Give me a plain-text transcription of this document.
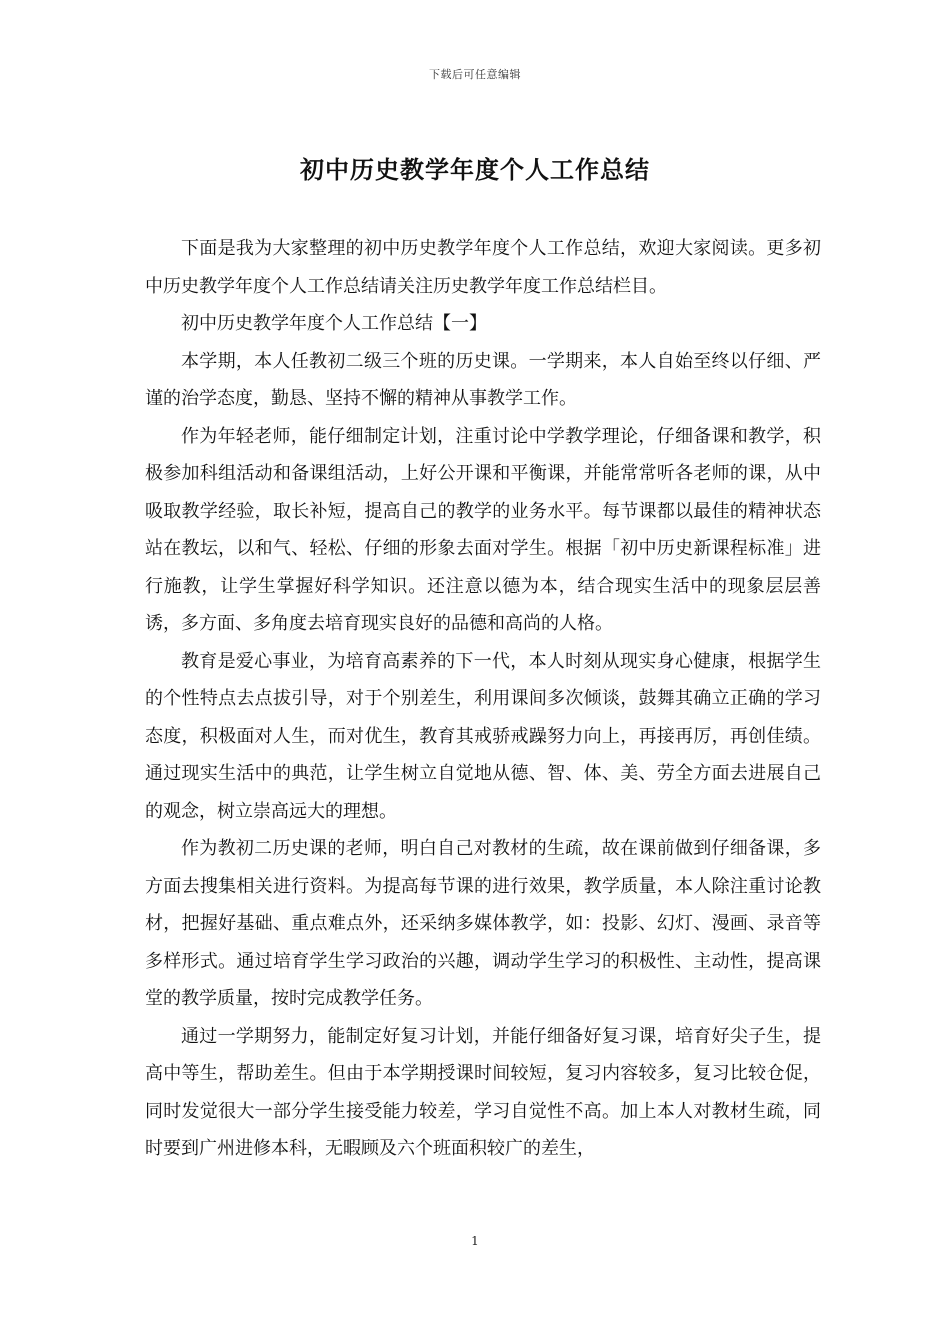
下载后可任意编辑
初中历史教学年度个人工作总结

下面是我为大家整理的初中历史教学年度个人工作总结，欢迎大家阅读。更多初中历史教学年度个人工作总结请关注历史教学年度工作总结栏目。

初中历史教学年度个人工作总结【一】

本学期，本人任教初二级三个班的历史课。一学期来，本人自始至终以仔细、严谨的治学态度，勤恳、坚持不懈的精神从事教学工作。

作为年轻老师，能仔细制定计划，注重讨论中学教学理论，仔细备课和教学，积极参加科组活动和备课组活动，上好公开课和平衡课，并能常常听各老师的课，从中吸取教学经验，取长补短，提高自己的教学的业务水平。每节课都以最佳的精神状态站在教坛，以和气、轻松、仔细的形象去面对学生。根据「初中历史新课程标准」进行施教，让学生掌握好科学知识。还注意以德为本，结合现实生活中的现象层层善诱，多方面、多角度去培育现实良好的品德和高尚的人格。

教育是爱心事业，为培育高素养的下一代，本人时刻从现实身心健康，根据学生的个性特点去点拔引导，对于个别差生，利用课间多次倾谈，鼓舞其确立正确的学习态度，积极面对人生，而对优生，教育其戒骄戒躁努力向上，再接再厉，再创佳绩。通过现实生活中的典范，让学生树立自觉地从德、智、体、美、劳全方面去进展自己的观念，树立崇高远大的理想。

作为教初二历史课的老师，明白自己对教材的生疏，故在课前做到仔细备课，多方面去搜集相关进行资料。为提高每节课的进行效果，教学质量，本人除注重讨论教材，把握好基础、重点难点外，还采纳多媒体教学，如：投影、幻灯、漫画、录音等多样形式。通过培育学生学习政治的兴趣，调动学生学习的积极性、主动性，提高课堂的教学质量，按时完成教学任务。

通过一学期努力，能制定好复习计划，并能仔细备好复习课，培育好尖子生，提高中等生，帮助差生。但由于本学期授课时间较短，复习内容较多，复习比较仓促，同时发觉很大一部分学生接受能力较差，学习自觉性不高。加上本人对教材生疏，同时要到广州进修本科，无暇顾及六个班面积较广的差生，

1
